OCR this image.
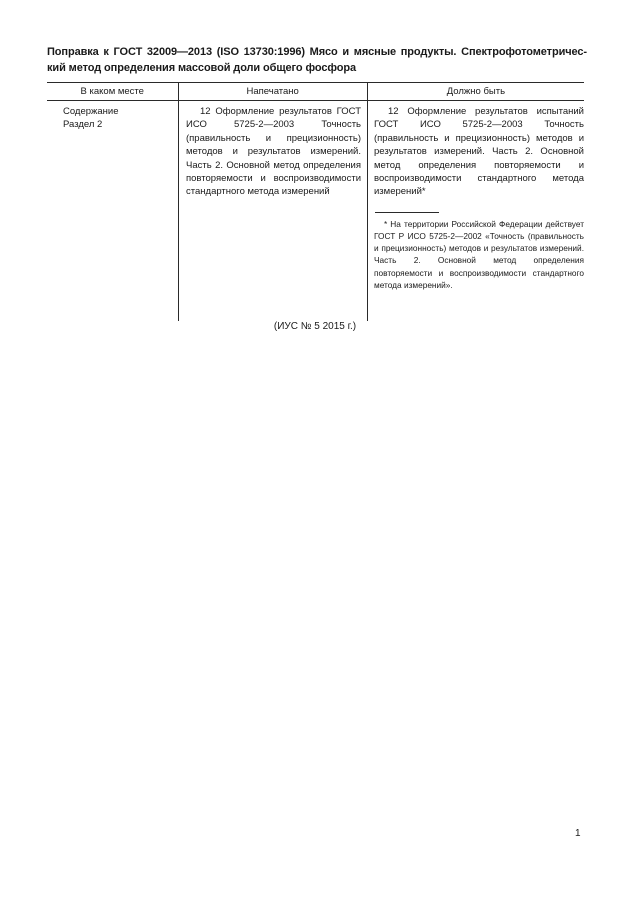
Поправка к ГОСТ 32009—2013 (ISO 13730:1996) Мясо и мясные продукты. Спектрофотометричес-кий метод определения массовой доли общего фосфора
В каком месте	Напечатано	Должно быть
Содержание
Раздел 2
12 Оформление результатов ГОСТ ИСО 5725-2—2003 Точность (правильность и прецизионность) методов и результатов измерений. Часть 2. Основной метод определения повторяемости и воспроизводимости стандартного метода измерений
12 Оформление результатов испытаний ГОСТ ИСО 5725-2—2003 Точность (правильность и прецизионность) методов и результатов измерений. Часть 2. Основной метод определения повторяемости и воспроизводимости стандартного метода измерений*
* На территории Российской Федерации действует ГОСТ Р ИСО 5725-2—2002 «Точность (правильность и прецизионность) методов и результатов измерений. Часть 2. Основной метод определения повторяемости и воспроизводимости стандартного метода измерений».
(ИУС № 5 2015 г.)
1
